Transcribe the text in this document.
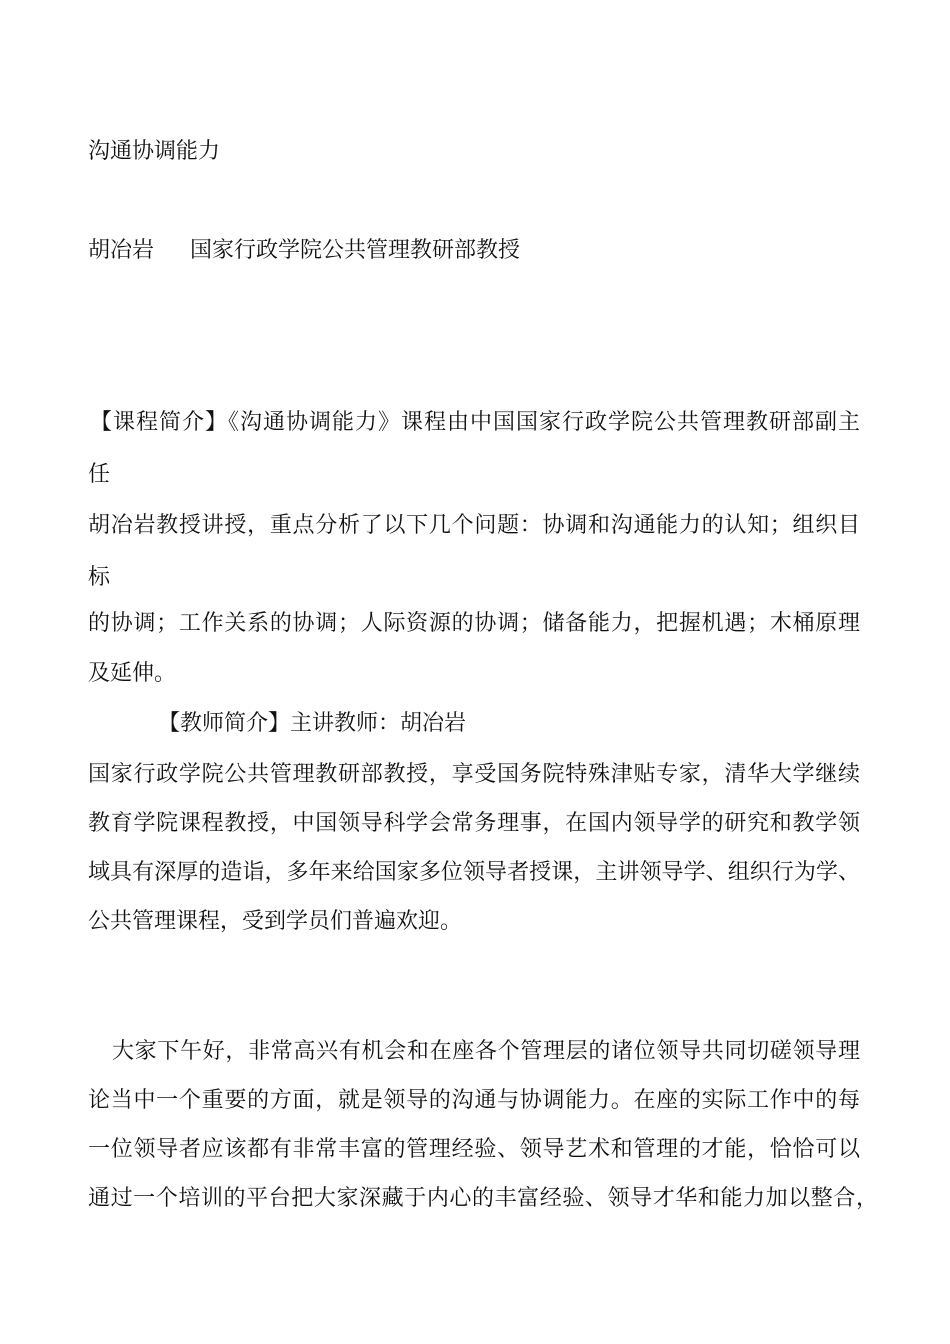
沟通协调能力

胡冶岩 国家行政学院公共管理教研部教授

【课程简介】《沟通协调能力》课程由中国国家行政学院公共管理教研部副主

任

胡冶岩教授讲授，重点分析了以下几个问题：协调和沟通能力的认知；组织目

标

的协调；工作关系的协调；人际资源的协调；储备能力，把握机遇；木桶原理

及延伸。

【教师简介】主讲教师：胡冶岩

国家行政学院公共管理教研部教授，享受国务院特殊津贴专家，清华大学继续

教育学院课程教授，中国领导科学会常务理事，在国内领导学的研究和教学领

域具有深厚的造诣，多年来给国家多位领导者授课，主讲领导学、组织行为学、

公共管理课程，受到学员们普遍欢迎。

大家下午好，非常高兴有机会和在座各个管理层的诸位领导共同切磋领导理

论当中一个重要的方面，就是领导的沟通与协调能力。在座的实际工作中的每

一位领导者应该都有非常丰富的管理经验、领导艺术和管理的才能，恰恰可以

通过一个培训的平台把大家深藏于内心的丰富经验、领导才华和能力加以整合，
